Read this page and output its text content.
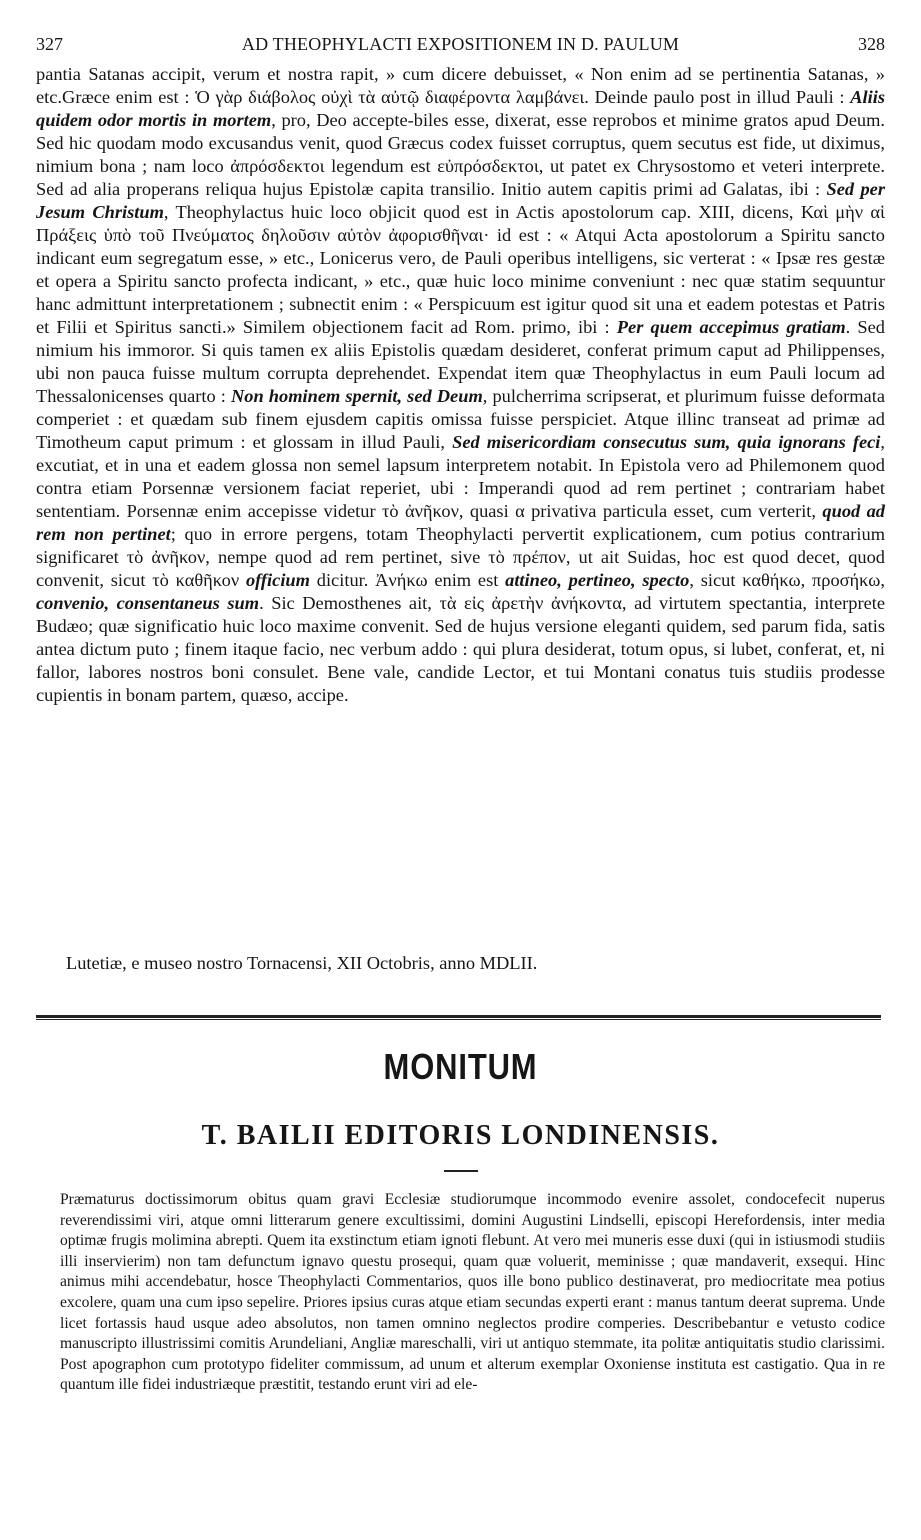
327	AD THEOPHYLACTI EXPOSITIONEM IN D. PAULUM	328

pantia Satanas accipit, verum et nostra rapit, » cum dicere debuisset, « Non enim ad se pertinentia Satanas, » etc.Græce enim est : Ὁ γὰρ διάβολος οὐχὶ τὰ αὐτῷ διαφέροντα λαμβάνει. Deinde paulo post in illud Pauli : Aliis quidem odor mortis in mortem, pro, Deo accepte-biles esse, dixerat, esse reprobos et minime gratos apud Deum. Sed hic quodam modo excusandus venit, quod Græcus codex fuisset corruptus, quem secutus est fide, ut diximus, nimium bona ; nam loco ἀπρόσδεκτοι legendum est εὐπρόσδεκτοι, ut patet ex Chrysostomo et veteri interprete. Sed ad alia properans reliqua hujus Epistolæ capita transilio. Initio autem capitis primi ad Galatas, ibi : Sed per Jesum Christum, Theophylactus huic loco objicit quod est in Actis apostolorum cap. XIII, dicens, Καὶ μὴν αἱ Πράξεις ὑπὸ τοῦ Πνεύματος δηλοῦσιν αὐτὸν ἀφορισθῆναι· id est : « Atqui Acta apostolorum a Spiritu sancto indicant eum segregatum esse, » etc., Lonicerus vero, de Pauli operibus intelligens, sic verterat : « Ipsæ res gestæ et opera a Spiritu sancto profecta indicant, » etc., quæ huic loco minime conveniunt : nec quæ statim sequuntur hanc admittunt interpretationem ; subnectit enim : « Perspicuum est igitur quod sit una et eadem potestas et Patris et Filii et Spiritus sancti.» Similem objectionem facit ad Rom. primo, ibi : Per quem accepimus gratiam. Sed nimium his immoror. Si quis tamen ex aliis Epistolis quædam desideret, conferat primum caput ad Philippenses, ubi non pauca fuisse multum corrupta deprehendet. Expendat item quæ Theophylactus in eum Pauli locum ad Thessalonicenses quarto : Non hominem spernit, sed Deum, pulcherrima scripserat, et plurimum fuisse deformata comperiet : et quædam sub finem ejusdem capitis omissa fuisse perspiciet. Atque illinc transeat ad primæ ad Timotheum caput primum : et glossam in illud Pauli, Sed misericordiam consecutus sum, quia ignorans feci, excutiat, et in una et eadem glossa non semel lapsum interpretem notabit. In Epistola vero ad Philemonem quod contra etiam Porsennæ versionem faciat reperiet, ubi : Imperandi quod ad rem pertinet ; contrariam habet sententiam. Porsennæ enim accepisse videtur τὸ ἀνῆκον, quasi α privativa particula esset, cum verterit, quod ad rem non pertinet; quo in errore pergens, totam Theophylacti pervertit explicationem, cum potius contrarium significaret τὸ ἀνῆκον, nempe quod ad rem pertinet, sive τὸ πρέπον, ut ait Suidas, hoc est quod decet, quod convenit, sicut τὸ καθῆκον officium dicitur. Ἀνήκω enim est attineo, pertineo, specto, sicut καθήκω, προσήκω, convenio, consentaneus sum. Sic Demosthenes ait, τὰ εἰς ἀρετὴν ἀνήκοντα, ad virtutem spectantia, interprete Budæo; quæ significatio huic loco maxime convenit. Sed de hujus versione eleganti quidem, sed parum fida, satis antea dictum puto ; finem itaque facio, nec verbum addo : qui plura desiderat, totum opus, si lubet, conferat, et, ni fallor, labores nostros boni consulet. Bene vale, candide Lector, et tui Montani conatus tuis studiis prodesse cupientis in bonam partem, quæso, accipe.

Lutetiæ, e museo nostro Tornacensi, XII Octobris, anno MDLII.
MONITUM
T. BAILII EDITORIS LONDINENSIS.

Præmaturus doctissimorum obitus quam gravi Ecclesiæ studiorumque incommodo evenire assolet, condocefecit nuperus reverendissimi viri, atque omni litterarum genere excultissimi, domini Augustini Lindselli, episcopi Herefordensis, inter media optimæ frugis molimina abrepti. Quem ita exstinctum etiam ignoti flebunt. At vero mei muneris esse duxi (qui in istiusmodi studiis illi inservierim) non tam defunctum ignavo questu prosequi, quam quæ voluerit, meminisse ; quæ mandaverit, exsequi. Hinc animus mihi accendebatur, hosce Theophylacti Commentarios, quos ille bono publico destinaverat, pro mediocritate mea potius excolere, quam una cum ipso sepelire. Priores ipsius curas atque etiam secundas experti erant : manus tantum deerat suprema. Unde licet fortassis haud usque adeo absolutos, non tamen omnino neglectos prodire comperies. Describebantur e vetusto codice manuscripto illustrissimi comitis Arundeliani, Angliæ mareschalli, viri ut antiquo stemmate, ita politæ antiquitatis studio clarissimi. Post apographon cum prototypo fideliter commissum, ad unum et alterum exemplar Oxoniense instituta est castigatio. Qua in re quantum ille fidei industriæque præstitit, testando erunt viri ad ele-
